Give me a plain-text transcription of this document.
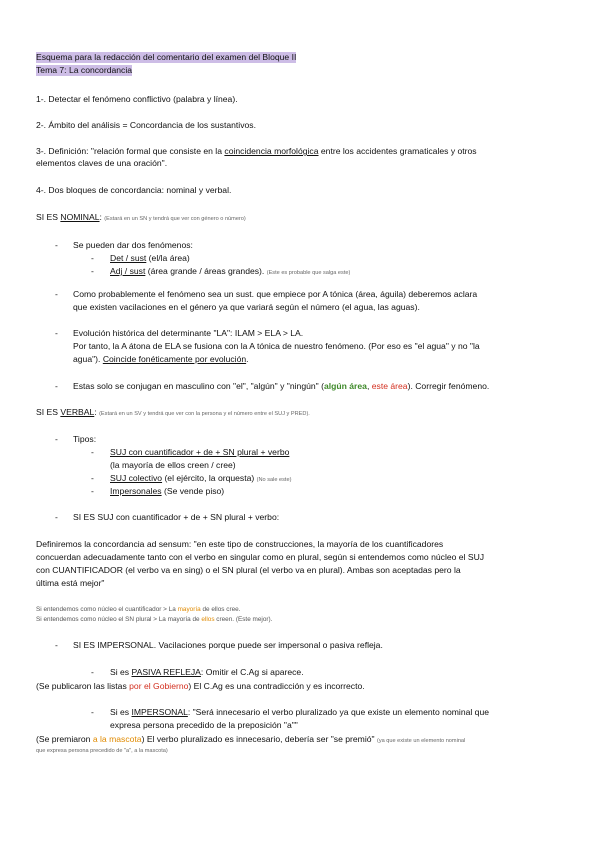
Esquema para la redacción del comentario del examen del Bloque II
Tema 7: La concordancia
1-. Detectar el fenómeno conflictivo (palabra y línea).
2-. Ámbito del análisis = Concordancia de los sustantivos.
3-. Definición: "relación formal que consiste en la coincidencia morfológica entre los accidentes gramaticales y otros
elementos claves de una oración".
4-. Dos bloques de concordancia: nominal y verbal.
SI ES NOMINAL: (Estará en un SN y tendrá que ver con género o número)
- Se pueden dar dos fenómenos:
- Det / sust (el/la área)
- Adj / sust (área grande / áreas grandes). (Este es probable que salga este)
- Como probablemente el fenómeno sea un sust. que empiece por A tónica (área, águila) deberemos aclara
que existen vacilaciones en el género ya que variará según el número (el agua, las aguas).
- Evolución histórica del determinante "LA": ILAM > ELA > LA.
Por tanto, la A átona de ELA se fusiona con la A tónica de nuestro fenómeno. (Por eso es "el agua" y no "la
agua"). Coincide fonéticamente por evolución.
- Estas solo se conjugan en masculino con "el", "algún" y "ningún" (algún área, este área). Corregir fenómeno.
SI ES VERBAL: (Estará en un SV y tendrá que ver con la persona y el número entre el SUJ y PRED).
- Tipos:
- SUJ con cuantificador + de + SN plural + verbo
(la mayoría de ellos creen / cree)
- SUJ colectivo (el ejército, la orquesta) (No sale este)
- Impersonales (Se vende piso)
- SI ES SUJ con cuantificador + de + SN plural + verbo:
Definiremos la concordancia ad sensum: "en este tipo de construcciones, la mayoría de los cuantificadores
concuerdan adecuadamente tanto con el verbo en singular como en plural, según si entendemos como núcleo el SUJ
con CUANTIFICADOR (el verbo va en sing) o el SN plural (el verbo va en plural). Ambas son aceptadas pero la
última está mejor"
Si entendemos como núcleo el cuantificador > La mayoría de ellos cree.
Si entendemos como núcleo el SN plural > La mayoría de ellos creen. (Este mejor).
- SI ES IMPERSONAL. Vacilaciones porque puede ser impersonal o pasiva refleja.
- Si es PASIVA REFLEJA: Omitir el C.Ag si aparece.
(Se publicaron las listas por el Gobierno) El C.Ag es una contradicción y es incorrecto.
- Si es IMPERSONAL: "Será innecesario el verbo pluralizado ya que existe un elemento nominal que
expresa persona precedido de la preposición "a""
(Se premiaron a la mascota) El verbo pluralizado es innecesario, debería ser "se premió" (ya que existe un elemento nominal
que expresa persona precedido de "a", a la mascota)
